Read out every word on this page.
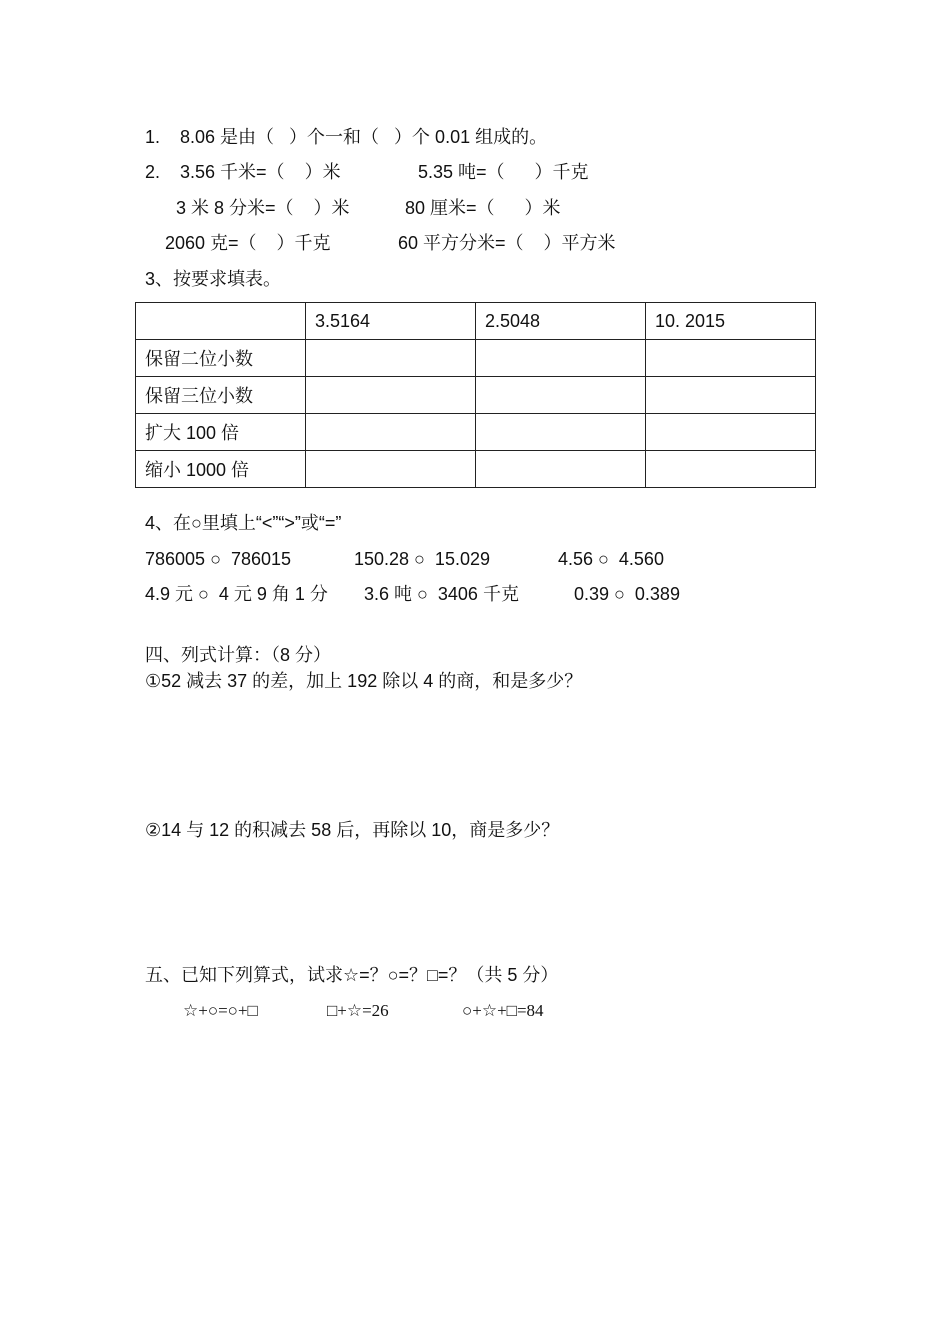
1.    8.06 是由（   ）个一和（   ）个 0.01 组成的。
2.    3.56 千米=（    ）米	5.35 吨=（      ）千克
3 米 8 分米=（    ）米	80 厘米=（      ）米
2060 克=（    ）千克	60 平方分米=（    ）平方米
3、按要求填表。
	3.5164	2.5048	10. 2015
保留二位小数			
保留三位小数			
扩大 100 倍			
缩小 1000 倍			
4、在○里填上“<”“>”或“=”
786005 ○  786015	150.28 ○  15.029	4.56 ○  4.560
4.9 元 ○  4 元 9 角 1 分 3.6 吨 ○  3406 千克	0.39 ○  0.389
四、列式计算：（8 分）
①52 减去 37 的差，加上 192 除以 4 的商，和是多少？
②14 与 12 的积减去 58 后，再除以 10，商是多少？
五、已知下列算式，试求☆=？○=？□=？（共 5 分）
☆+○=○+□	□+☆=26	○+☆+□=84
